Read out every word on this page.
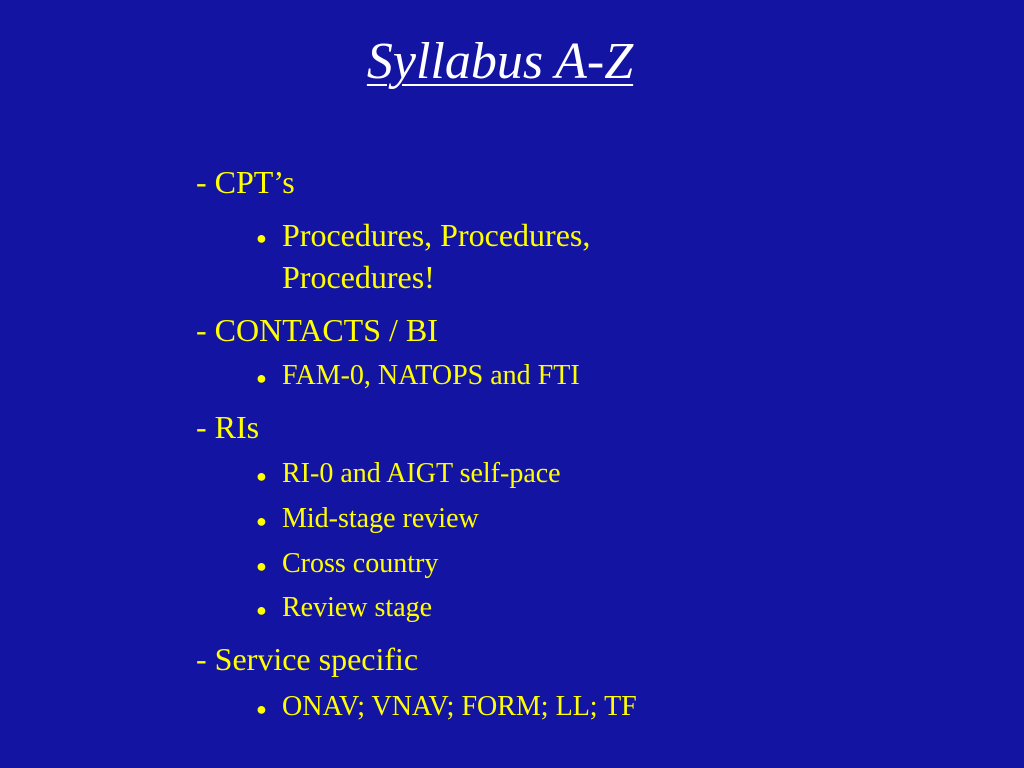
Syllabus A-Z
- CPT’s
● Procedures, Procedures,
Procedures!
- CONTACTS / BI
● FAM-0, NATOPS and FTI
- RIs
● RI-0 and AIGT self-pace
● Mid-stage review
● Cross country
● Review stage
- Service specific
● ONAV; VNAV; FORM; LL; TF
